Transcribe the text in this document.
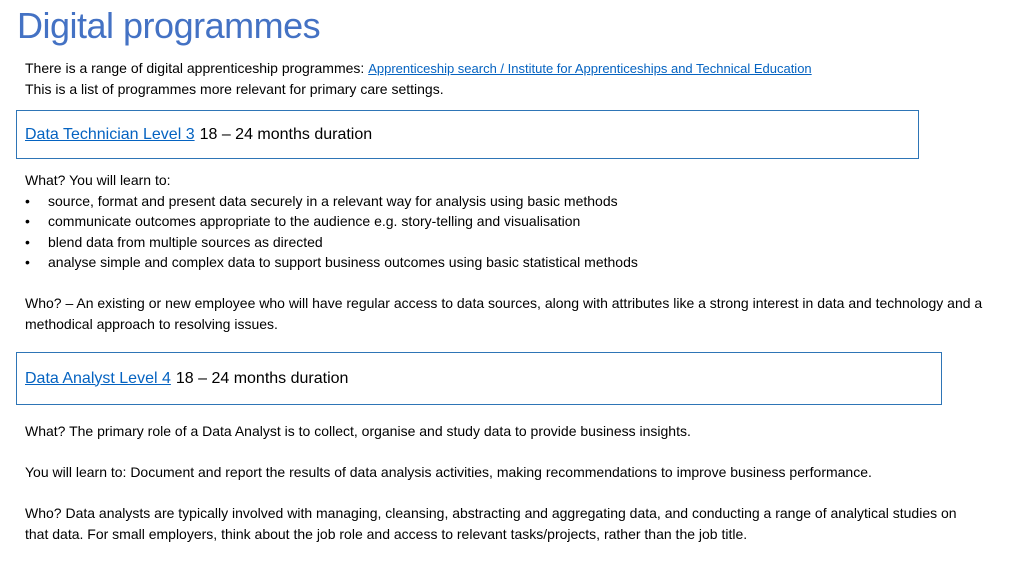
Digital programmes
There is a range of digital apprenticeship programmes: Apprenticeship search / Institute for Apprenticeships and Technical Education
This is a list of programmes more relevant for primary care settings.
Data Technician Level 3 18 – 24 months duration

What? You will learn to:

• source, format and present data securely in a relevant way for analysis using basic methods
• communicate outcomes appropriate to the audience e.g. story-telling and visualisation
• blend data from multiple sources as directed
• analyse simple and complex data to support business outcomes using basic statistical methods

Who? – An existing or new employee who will have regular access to data sources, along with attributes like a strong interest in data and technology and a methodical approach to resolving issues.

Data Analyst Level 4 18 – 24 months duration

What? The primary role of a Data Analyst is to collect, organise and study data to provide business insights.

You will learn to: Document and report the results of data analysis activities, making recommendations to improve business performance.

Who? Data analysts are typically involved with managing, cleansing, abstracting and aggregating data, and conducting a range of analytical studies on that data. For small employers, think about the job role and access to relevant tasks/projects, rather than the job title.
